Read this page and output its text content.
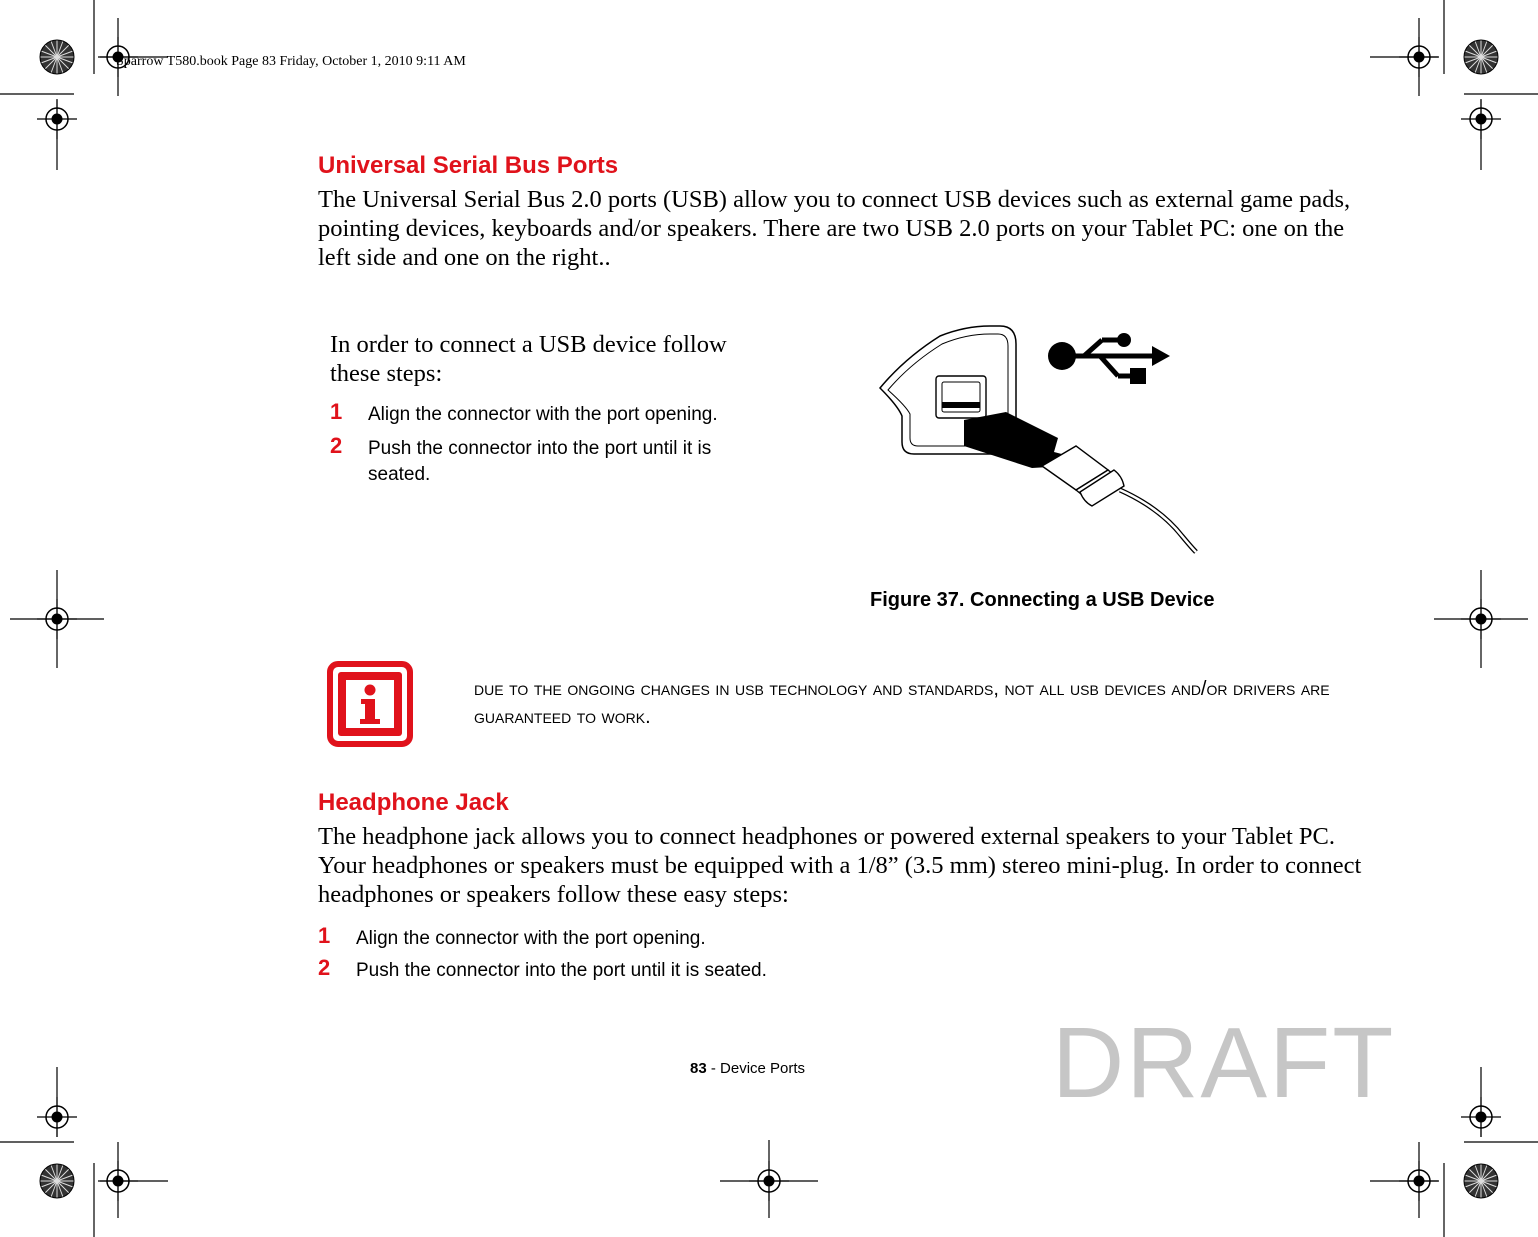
Sparrow T580.book Page 83 Friday, October 1, 2010 9:11 AM
Universal Serial Bus Ports
The Universal Serial Bus 2.0 ports (USB) allow you to connect USB devices such as external game pads, pointing devices, keyboards and/or speakers. There are two USB 2.0 ports on your Tablet PC: one on the left side and one on the right..
In order to connect a USB device follow these steps:
1 Align the connector with the port opening.
2 Push the connector into the port until it is seated.
Figure 37. Connecting a USB Device
due to the ongoing changes in usb technology and standards, not all usb devices and/or drivers are guaranteed to work.
Headphone Jack
The headphone jack allows you to connect headphones or powered external speakers to your Tablet PC. Your headphones or speakers must be equipped with a 1/8” (3.5 mm) stereo mini-plug. In order to connect headphones or speakers follow these easy steps:
1 Align the connector with the port opening.
2 Push the connector into the port until it is seated.
83 - Device Ports DRAFT
